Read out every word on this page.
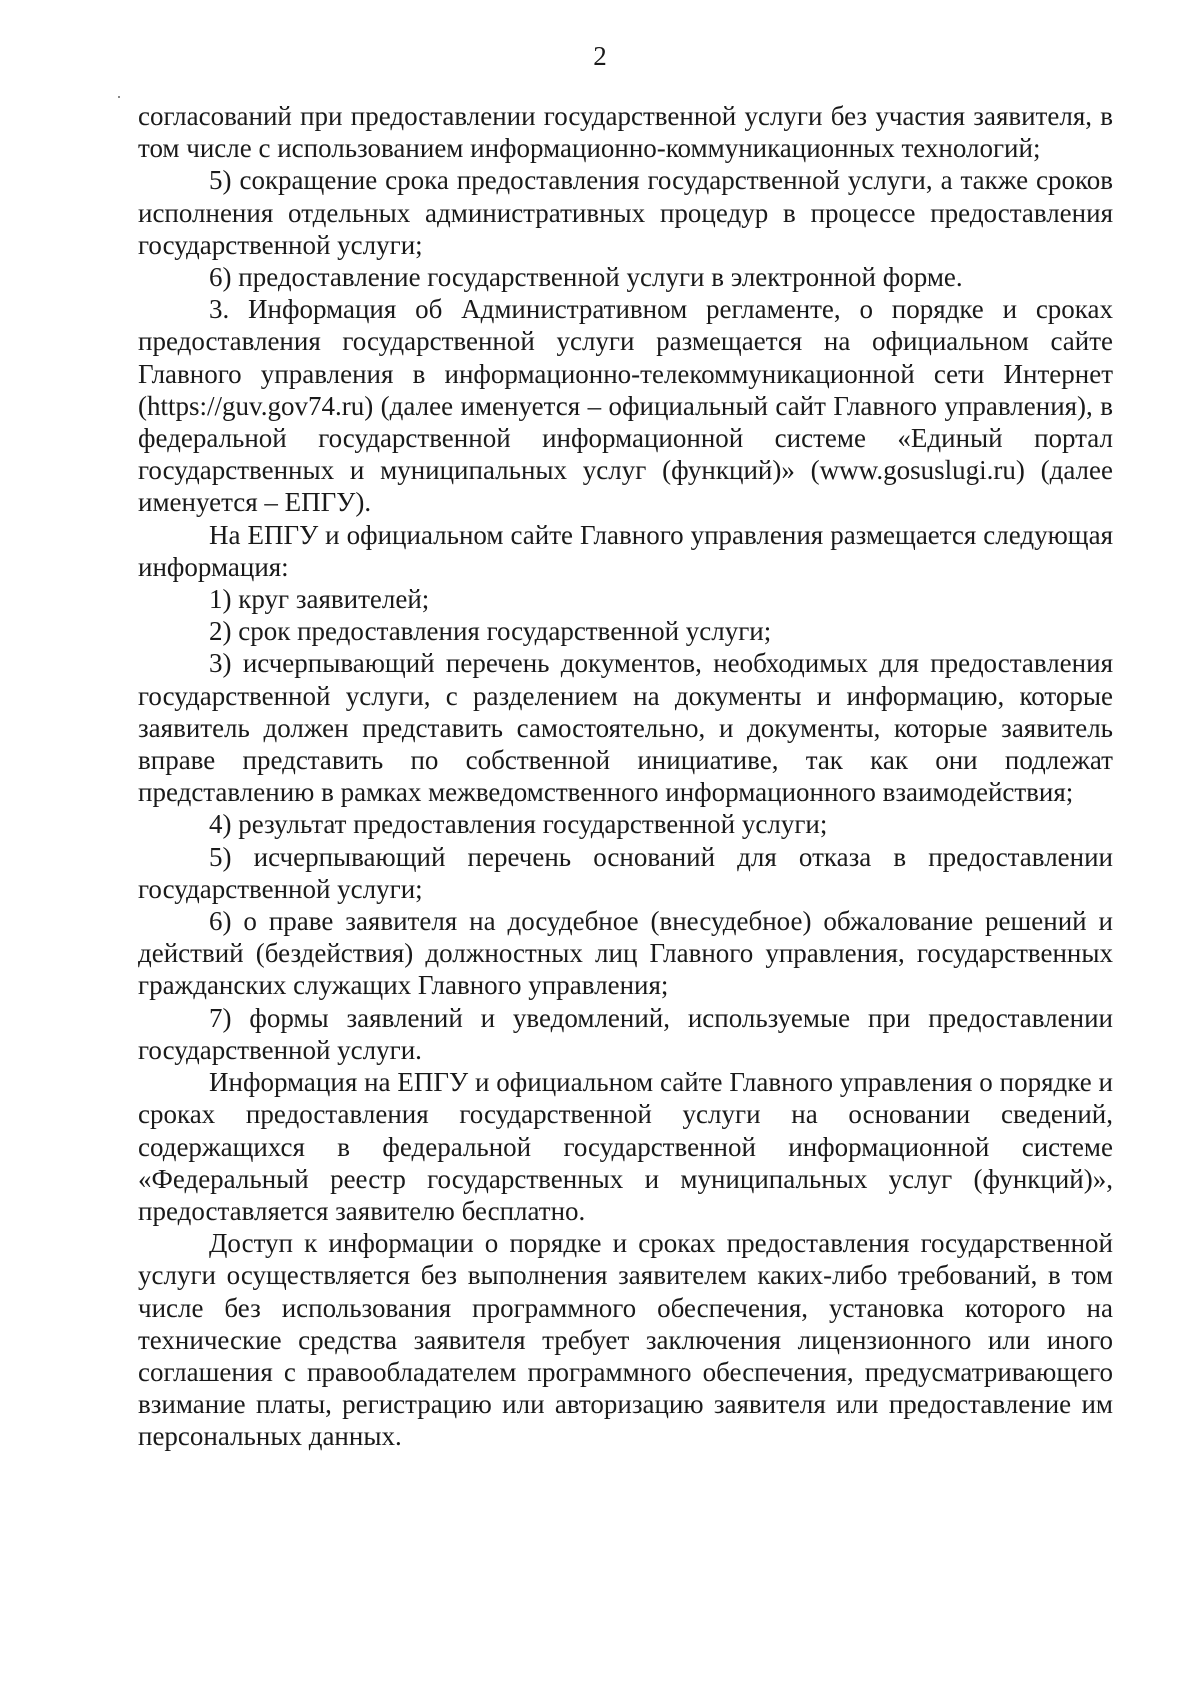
2

согласований при предоставлении государственной услуги без участия заявителя, в том числе с использованием информационно-коммуникационных технологий;

5) сокращение срока предоставления государственной услуги, а также сроков исполнения отдельных административных процедур в процессе предоставления государственной услуги;

6) предоставление государственной услуги в электронной форме.

3. Информация об Административном регламенте, о порядке и сроках предоставления государственной услуги размещается на официальном сайте Главного управления в информационно-телекоммуникационной сети Интернет (https://guv.gov74.ru) (далее именуется – официальный сайт Главного управления), в федеральной государственной информационной системе «Единый портал государственных и муниципальных услуг (функций)» (www.gosuslugi.ru) (далее именуется – ЕПГУ).

На ЕПГУ и официальном сайте Главного управления размещается следующая информация:

1) круг заявителей;

2) срок предоставления государственной услуги;

3) исчерпывающий перечень документов, необходимых для предоставления государственной услуги, с разделением на документы и информацию, которые заявитель должен представить самостоятельно, и документы, которые заявитель вправе представить по собственной инициативе, так как они подлежат представлению в рамках межведомственного информационного взаимодействия;

4) результат предоставления государственной услуги;

5) исчерпывающий перечень оснований для отказа в предоставлении государственной услуги;

6) о праве заявителя на досудебное (внесудебное) обжалование решений и действий (бездействия) должностных лиц Главного управления, государственных гражданских служащих Главного управления;

7) формы заявлений и уведомлений, используемые при предоставлении государственной услуги.

Информация на ЕПГУ и официальном сайте Главного управления о порядке и сроках предоставления государственной услуги на основании сведений, содержащихся в федеральной государственной информационной системе «Федеральный реестр государственных и муниципальных услуг (функций)», предоставляется заявителю бесплатно.

Доступ к информации о порядке и сроках предоставления государственной услуги осуществляется без выполнения заявителем каких-либо требований, в том числе без использования программного обеспечения, установка которого на технические средства заявителя требует заключения лицензионного или иного соглашения с правообладателем программного обеспечения, предусматривающего взимание платы, регистрацию или авторизацию заявителя или предоставление им персональных данных.
